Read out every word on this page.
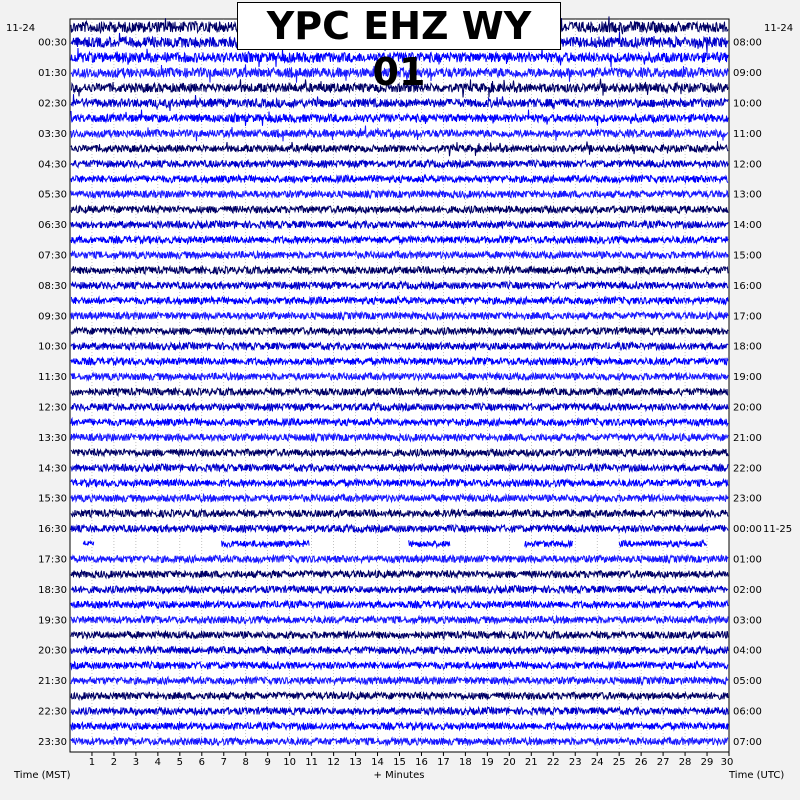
11-24	11-24
00:30
01:30
02:30
03:30
04:30
05:30
06:30
07:30
08:30
09:30
10:30
11:30
12:30
13:30
14:30
15:30
16:30
17:30
18:30
19:30
20:30
21:30
22:30
23:30
08:00
09:00
10:00
11:00
12:00
13:00
14:00
15:00
16:00
17:00
18:00
19:00
20:00
21:00
22:00
23:00
00:00
01:00
02:00
03:00
04:00
05:00
06:00
07:00
11-25
1 2 3 4 5 6 7 8 9 10 11 12 13 14 15 16 17 18 19 20 21 22 23 24 25 26 27 28 29 30
Time (MST)	+ Minutes	Time (UTC)
YPC EHZ WY 01
